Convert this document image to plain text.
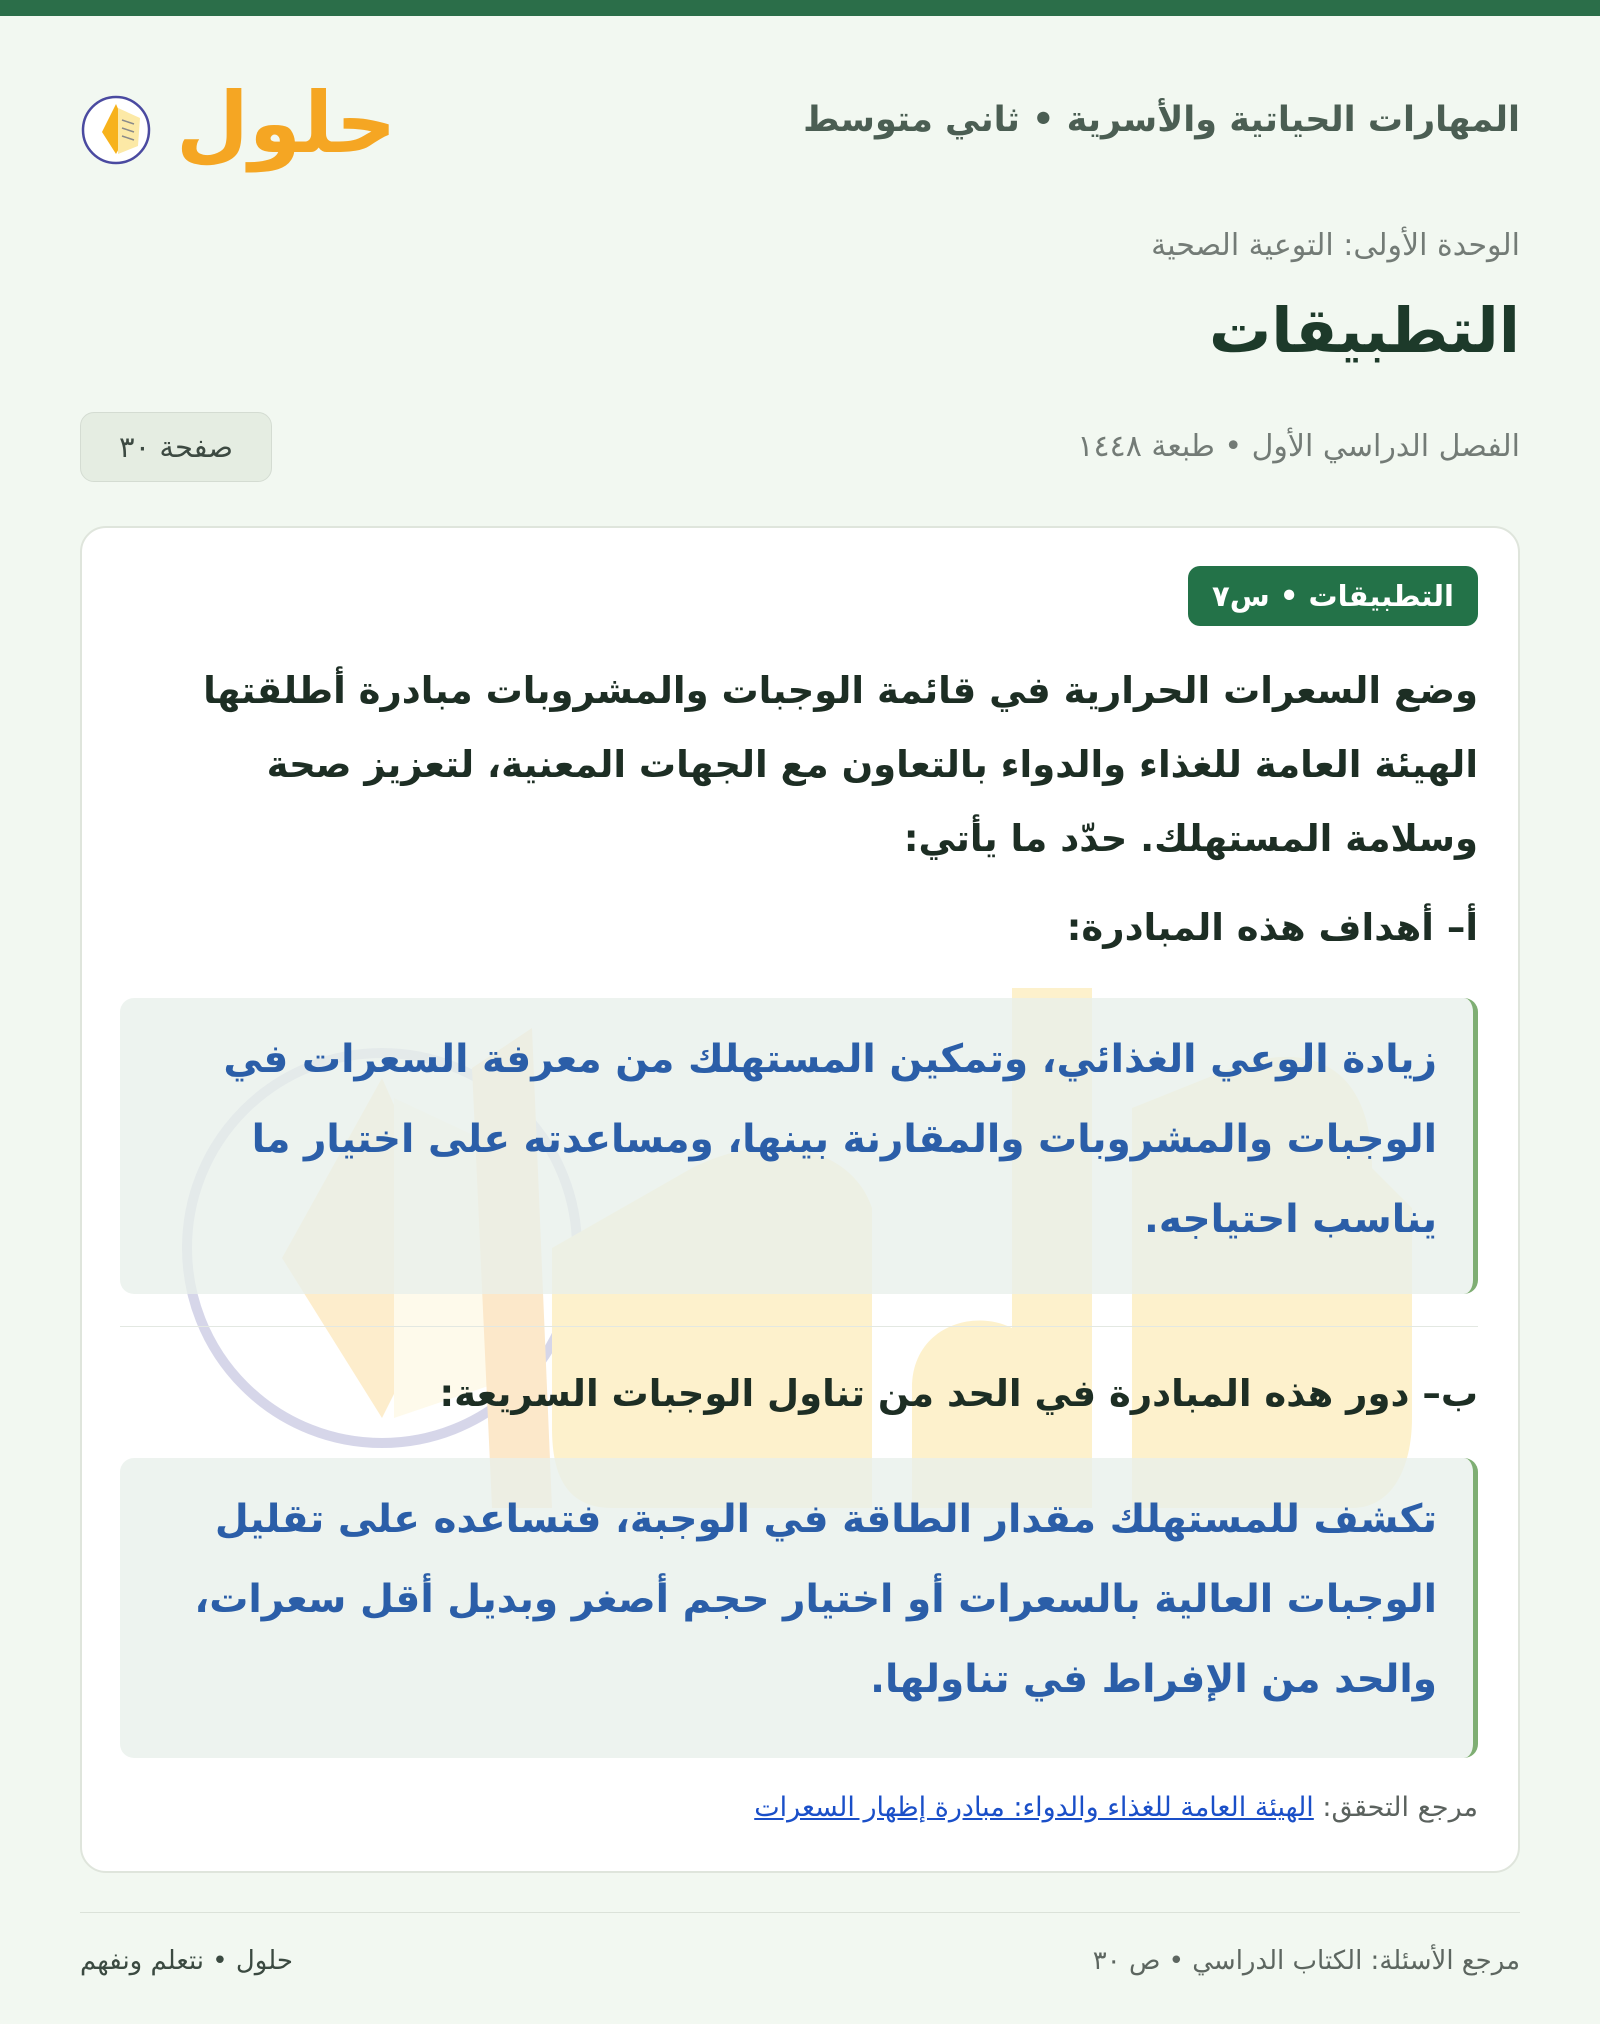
المهارات الحياتية والأسرية • ثاني متوسط
حلول
الوحدة الأولى: التوعية الصحية
التطبيقات
الفصل الدراسي الأول • طبعة ١٤٤٨
صفحة ٣٠
التطبيقات • س٧
وضع السعرات الحرارية في قائمة الوجبات والمشروبات مبادرة أطلقتها الهيئة العامة للغذاء والدواء بالتعاون مع الجهات المعنية، لتعزيز صحة وسلامة المستهلك. حدّد ما يأتي:
أ– أهداف هذه المبادرة:
زيادة الوعي الغذائي، وتمكين المستهلك من معرفة السعرات في الوجبات والمشروبات والمقارنة بينها، ومساعدته على اختيار ما يناسب احتياجه.
ب– دور هذه المبادرة في الحد من تناول الوجبات السريعة:
تكشف للمستهلك مقدار الطاقة في الوجبة، فتساعده على تقليل الوجبات العالية بالسعرات أو اختيار حجم أصغر وبديل أقل سعرات، والحد من الإفراط في تناولها.
مرجع التحقق: الهيئة العامة للغذاء والدواء: مبادرة إظهار السعرات
مرجع الأسئلة: الكتاب الدراسي • ص ٣٠
حلول • نتعلم ونفهم
